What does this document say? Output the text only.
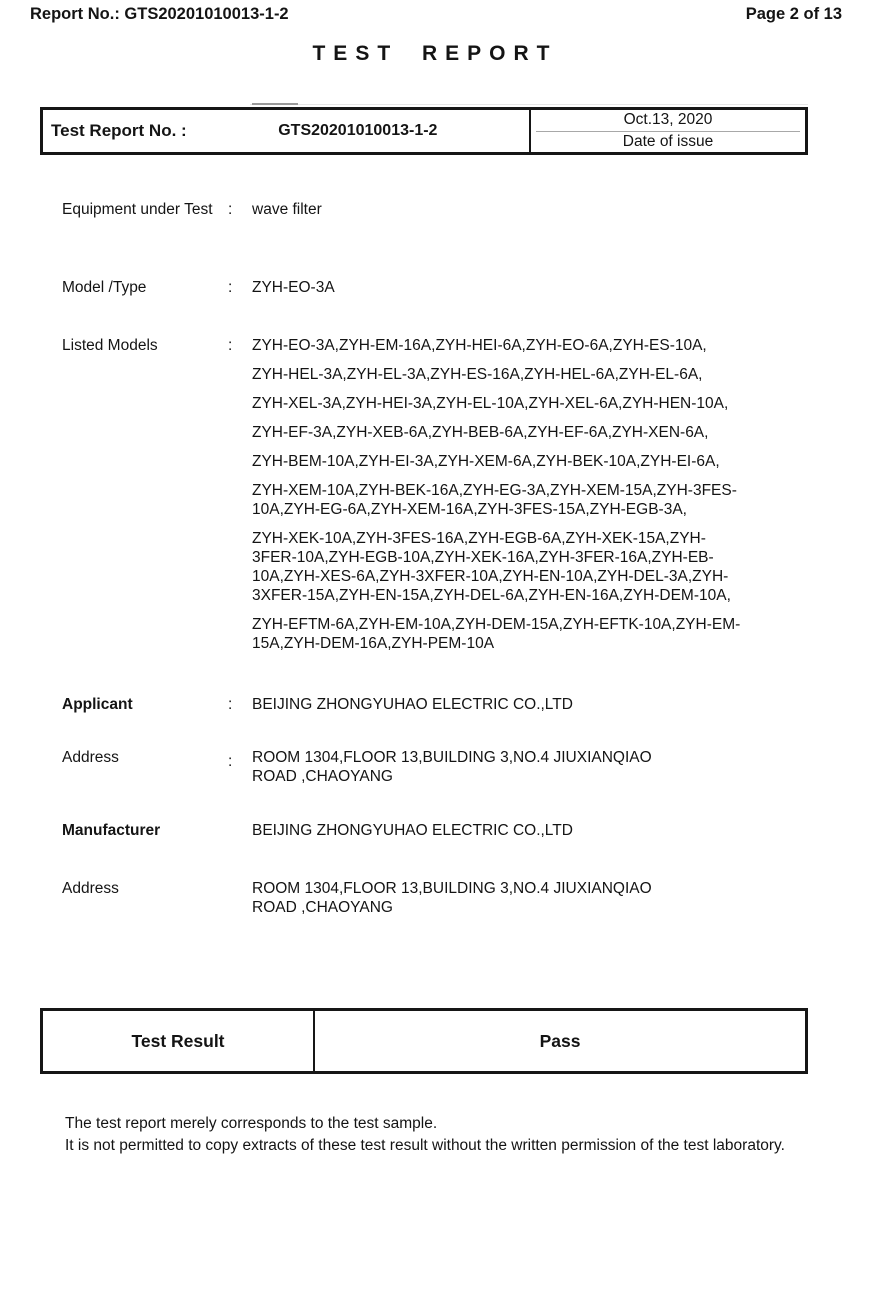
Report No.: GTS20201010013-1-2	Page 2 of 13
TEST REPORT
Test Report No. :	GTS20201010013-1-2
Oct.13, 2020
Date of issue
Equipment under Test : wave filter
Model /Type	: ZYH-EO-3A
Listed Models	: ZYH-EO-3A,ZYH-EM-16A,ZYH-HEI-6A,ZYH-EO-6A,ZYH-ES-10A,
ZYH-HEL-3A,ZYH-EL-3A,ZYH-ES-16A,ZYH-HEL-6A,ZYH-EL-6A,
ZYH-XEL-3A,ZYH-HEI-3A,ZYH-EL-10A,ZYH-XEL-6A,ZYH-HEN-10A,
ZYH-EF-3A,ZYH-XEB-6A,ZYH-BEB-6A,ZYH-EF-6A,ZYH-XEN-6A,
ZYH-BEM-10A,ZYH-EI-3A,ZYH-XEM-6A,ZYH-BEK-10A,ZYH-EI-6A,
ZYH-XEM-10A,ZYH-BEK-16A,ZYH-EG-3A,ZYH-XEM-15A,ZYH-3FES-
10A,ZYH-EG-6A,ZYH-XEM-16A,ZYH-3FES-15A,ZYH-EGB-3A,
ZYH-XEK-10A,ZYH-3FES-16A,ZYH-EGB-6A,ZYH-XEK-15A,ZYH-
3FER-10A,ZYH-EGB-10A,ZYH-XEK-16A,ZYH-3FER-16A,ZYH-EB-
10A,ZYH-XES-6A,ZYH-3XFER-10A,ZYH-EN-10A,ZYH-DEL-3A,ZYH-
3XFER-15A,ZYH-EN-15A,ZYH-DEL-6A,ZYH-EN-16A,ZYH-DEM-10A,
ZYH-EFTM-6A,ZYH-EM-10A,ZYH-DEM-15A,ZYH-EFTK-10A,ZYH-EM-
15A,ZYH-DEM-16A,ZYH-PEM-10A
Applicant	: BEIJING ZHONGYUHAO ELECTRIC CO.,LTD
Address	: ROOM 1304,FLOOR 13,BUILDING 3,NO.4 JIUXIANQIAO
ROAD ,CHAOYANG
Manufacturer	BEIJING ZHONGYUHAO ELECTRIC CO.,LTD
Address	ROOM 1304,FLOOR 13,BUILDING 3,NO.4 JIUXIANQIAO
ROAD ,CHAOYANG
Test Result	Pass
The test report merely corresponds to the test sample.
It is not permitted to copy extracts of these test result without the written permission of the test laboratory.
